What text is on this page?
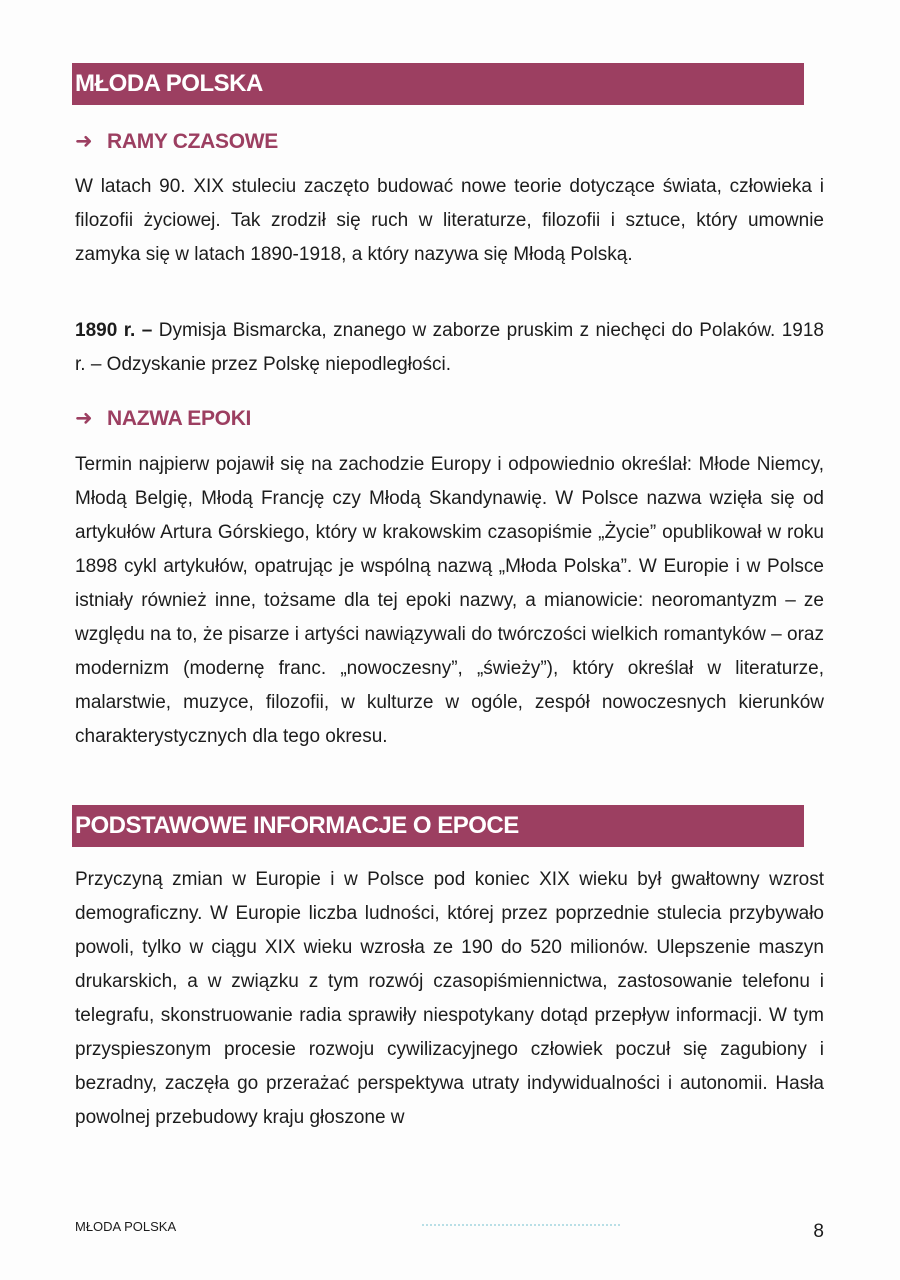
MŁODA POLSKA
➜ RAMY CZASOWE

W latach 90. XIX stuleciu zaczęto budować nowe teorie dotyczące świata, człowieka i filozofii życiowej. Tak zrodził się ruch w literaturze, filozofii i sztuce, który umownie zamyka się w latach 1890-1918, a który nazywa się Młodą Polską.

1890 r. – Dymisja Bismarcka, znanego w zaborze pruskim z niechęci do Polaków. 1918 r. – Odzyskanie przez Polskę niepodległości.

➜ NAZWA EPOKI

Termin najpierw pojawił się na zachodzie Europy i odpowiednio określał: Młode Niemcy, Młodą Belgię, Młodą Francję czy Młodą Skandynawię. W Polsce nazwa wzięła się od artykułów Artura Górskiego, który w krakowskim czasopiśmie „Życie” opublikował w roku 1898 cykl artykułów, opatrując je wspólną nazwą „Młoda Polska”. W Europie i w Polsce istniały również inne, tożsame dla tej epoki nazwy, a mianowicie: neoromantyzm – ze względu na to, że pisarze i artyści nawiązywali do twórczości wielkich romantyków – oraz modernizm (modernę franc. „nowoczesny”, „świeży”), który określał w literaturze, malarstwie, muzyce, filozofii, w kulturze w ogóle, zespół nowoczesnych kierunków charakterystycznych dla tego okresu.

PODSTAWOWE INFORMACJE O EPOCE

Przyczyną zmian w Europie i w Polsce pod koniec XIX wieku był gwałtowny wzrost demograficzny. W Europie liczba ludności, której przez poprzednie stulecia przybywało powoli, tylko w ciągu XIX wieku wzrosła ze 190 do 520 milionów. Ulepszenie maszyn drukarskich, a w związku z tym rozwój czasopiśmiennictwa, zastosowanie telefonu i telegrafu, skonstruowanie radia sprawiły niespotykany dotąd przepływ informacji. W tym przyspieszonym procesie rozwoju cywilizacyjnego człowiek poczuł się zagubiony i bezradny, zaczęła go przerażać perspektywa utraty indywidualności i autonomii. Hasła powolnej przebudowy kraju głoszone w

MŁODA POLSKA	8
